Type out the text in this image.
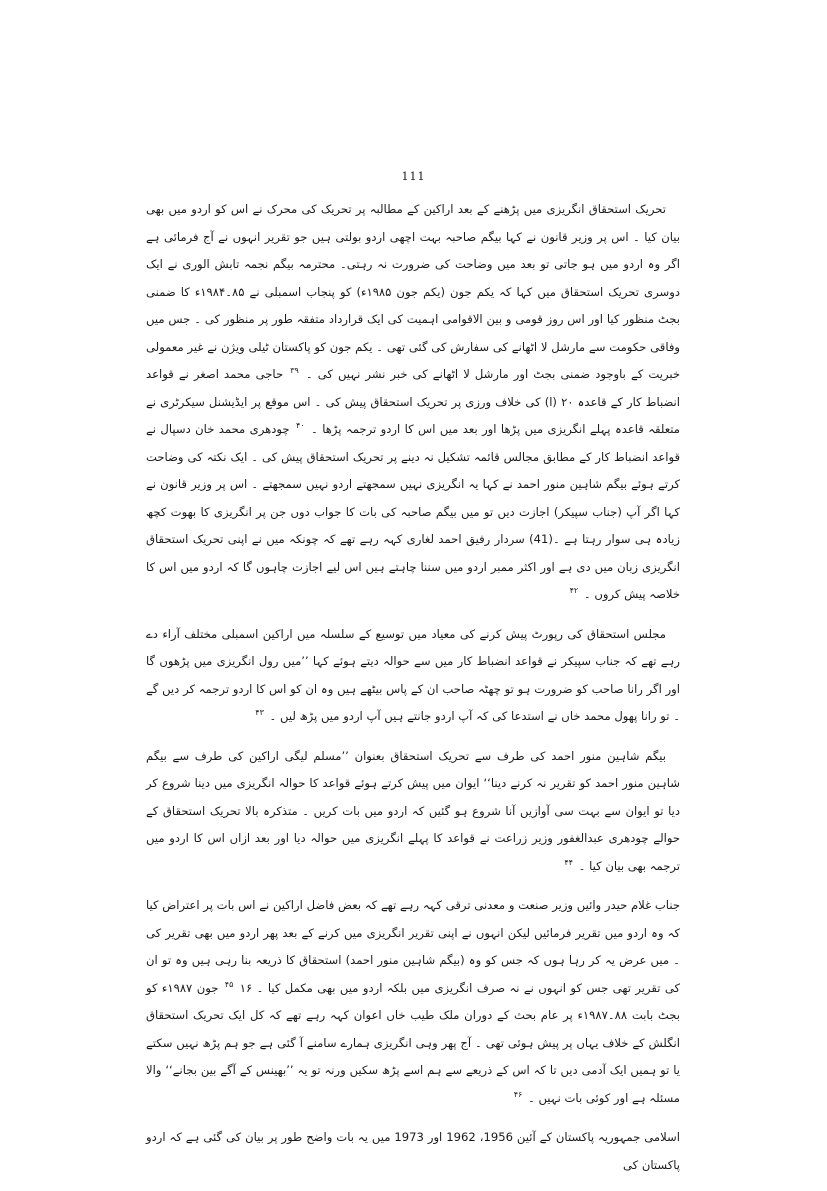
111

تحریک استحقاق انگریزی میں پڑھنے کے بعد اراکین کے مطالبہ پر تحریک کی محرک نے اس کو اردو میں بھی بیان کیا ۔ اس پر وزیر قانون نے کہا بیگم صاحبہ بہت اچھی اردو بولتی ہیں جو تقریر انہوں نے آج فرمائی ہے اگر وہ اردو میں ہو جاتی تو بعد میں وضاحت کی ضرورت نہ رہتی۔ محترمہ بیگم نجمہ تابش الوری نے ایک دوسری تحریک استحقاق میں کہا کہ یکم جون (یکم جون ۱۹۸۵ء) کو پنجاب اسمبلی نے ۸۵۔۱۹۸۴ء کا ضمنی بجٹ منظور کیا اور اس روز قومی و بین الاقوامی اہمیت کی ایک قرارداد متفقہ طور پر منظور کی ۔ جس میں وفاقی حکومت سے مارشل لا اٹھانے کی سفارش کی گئی تھی ۔ یکم جون کو پاکستان ٹیلی ویژن نے غیر معمولی خبریت کے باوجود ضمنی بجٹ اور مارشل لا اٹھانے کی خبر نشر نہیں کی ۔ $^{۳۹}$ حاجی محمد اصغر نے قواعد انضباط کار کے قاعدہ ۲۰ (ا) کی خلاف ورزی پر تحریک استحقاق پیش کی ۔ اس موقع پر ایڈیشنل سیکرٹری نے متعلقہ قاعدہ پہلے انگریزی میں پڑھا اور بعد میں اس کا اردو ترجمہ پڑھا ۔ $^{۴۰}$ چودھری محمد خان دسپال نے قواعد انضباط کار کے مطابق مجالس قائمہ تشکیل نہ دینے پر تحریک استحقاق پیش کی ۔ ایک نکتہ کی وضاحت کرتے ہوئے بیگم شاہین منور احمد نے کہا یہ انگریزی نہیں سمجھتے اردو نہیں سمجھتے ۔ اس پر وزیر قانون نے کہا اگر آپ (جناب سپیکر) اجازت دیں تو میں بیگم صاحبہ کی بات کا جواب دوں جن پر انگریزی کا بھوت کچھ زیادہ ہی سوار رہتا ہے ۔(41) سردار رفیق احمد لغاری کہہ رہے تھے کہ چونکہ میں نے اپنی تحریک استحقاق انگریزی زبان میں دی ہے اور اکثر ممبر اردو میں سننا چاہتے ہیں اس لیے اجازت چاہوں گا کہ اردو میں اس کا خلاصہ پیش کروں ۔ $^{۴۲}$

مجلس استحقاق کی رپورٹ پیش کرنے کی معیاد میں توسیع کے سلسلہ میں اراکین اسمبلی مختلف آراء دے رہے تھے کہ جناب سپیکر نے قواعد انضباط کار میں سے حوالہ دیتے ہوئے کہا ’’میں رول انگریزی میں پڑھوں گا اور اگر رانا صاحب کو ضرورت ہو تو چھٹہ صاحب ان کے پاس بیٹھے ہیں وہ ان کو اس کا اردو ترجمہ کر دیں گے ۔ تو رانا پھول محمد خاں نے استدعا کی کہ آپ اردو جانتے ہیں آپ اردو میں پڑھ لیں ۔ $^{۴۳}$

بیگم شاہین منور احمد کی طرف سے تحریک استحقاق بعنوان ’’مسلم لیگی اراکین کی طرف سے بیگم شاہین منور احمد کو تقریر نہ کرنے دینا‘‘ ایوان میں پیش کرتے ہوئے قواعد کا حوالہ انگریزی میں دینا شروع کر دیا تو ایوان سے بہت سی آوازیں آنا شروع ہو گئیں کہ اردو میں بات کریں ۔ متذکرہ بالا تحریک استحقاق کے حوالے چودھری عبدالغفور وزیر زراعت نے قواعد کا پہلے انگریزی میں حوالہ دیا اور بعد ازاں اس کا اردو میں ترجمہ بھی بیان کیا ۔ $^{۴۴}$

جناب غلام حیدر وائیں وزیر صنعت و معدنی ترقی کہہ رہے تھے کہ بعض فاضل اراکین نے اس بات پر اعتراض کیا کہ وہ اردو میں تقریر فرمائیں لیکن انہوں نے اپنی تقریر انگریزی میں کرنے کے بعد پھر اردو میں بھی تقریر کی ۔ میں عرض یہ کر رہا ہوں کہ جس کو وہ (بیگم شاہین منور احمد) استحقاق کا ذریعہ بنا رہی ہیں وہ تو ان کی تقریر تھی جس کو انہوں نے نہ صرف انگریزی میں بلکہ اردو میں بھی مکمل کیا ۔ $^{۴۵}$ ۱۶ جون ۱۹۸۷ء کو بجٹ بابت ۸۸۔۱۹۸۷ء پر عام بحث کے دوران ملک طیب خاں اعوان کہہ رہے تھے کہ کل ایک تحریک استحقاق انگلش کے خلاف یہاں پر پیش ہوئی تھی ۔ آج پھر وہی انگریزی ہمارے سامنے آ گئی ہے جو ہم پڑھ نہیں سکتے یا تو ہمیں ایک آدمی دیں تا کہ اس کے ذریعے سے ہم اسے پڑھ سکیں ورنہ تو یہ ’’بھینس کے آگے بین بجانے‘‘ والا مسئلہ ہے اور کوئی بات نہیں ۔ $^{۴۶}$

اسلامی جمہوریہ پاکستان کے آئین 1956، 1962 اور 1973 میں یہ بات واضح طور پر بیان کی گئی ہے کہ اردو پاکستان کی
